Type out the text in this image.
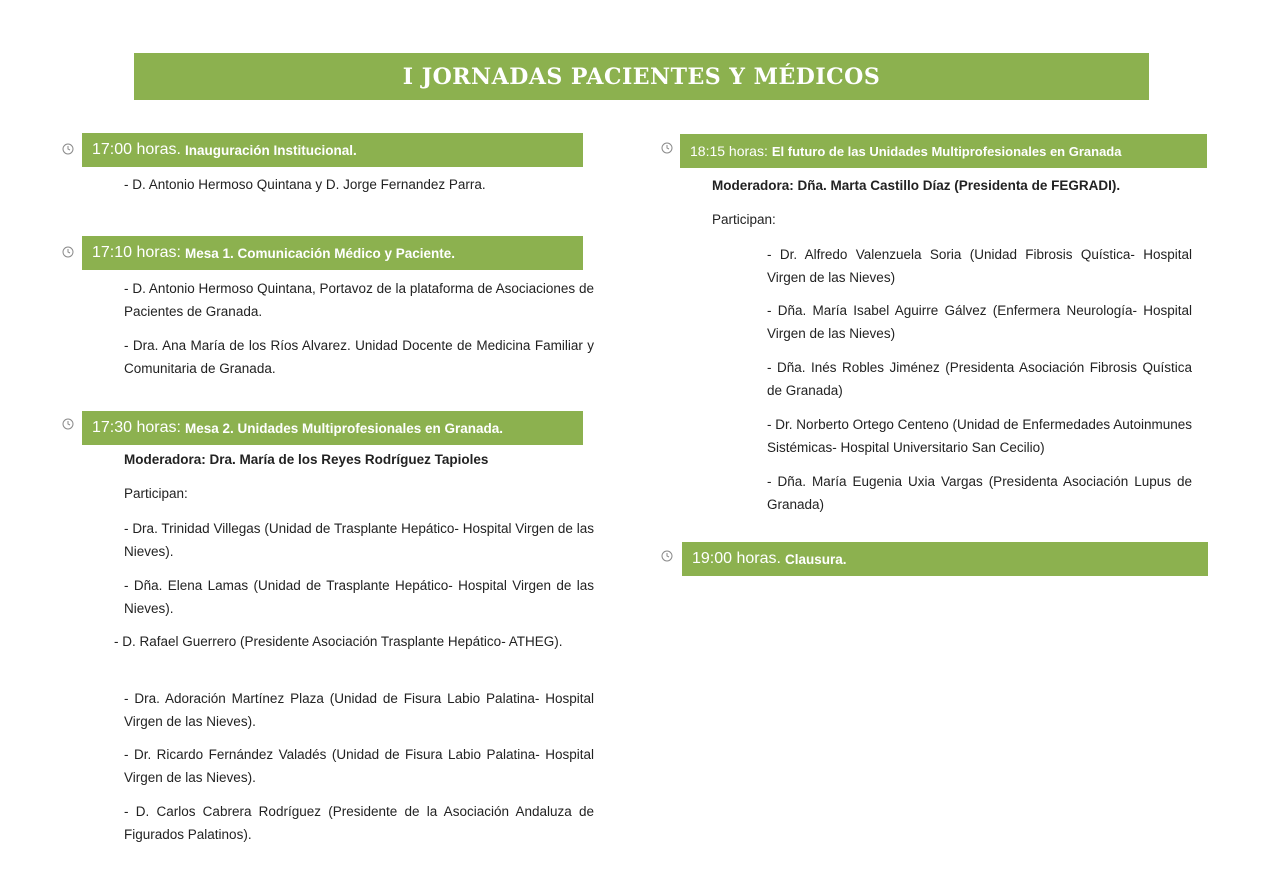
I JORNADAS PACIENTES Y MÉDICOS
17:00 horas. Inauguración Institucional.

- D. Antonio Hermoso Quintana y D. Jorge Fernandez Parra.

17:10 horas: Mesa 1. Comunicación Médico y Paciente.

- D. Antonio Hermoso Quintana, Portavoz de la plataforma de Asociaciones de Pacientes de Granada.

- Dra. Ana María de los Ríos Alvarez. Unidad Docente de Medicina Familiar y Comunitaria de Granada.

17:30 horas: Mesa 2. Unidades Multiprofesionales en Granada.

Moderadora: Dra. María de los Reyes Rodríguez Tapioles

Participan:

- Dra. Trinidad Villegas (Unidad de Trasplante Hepático- Hospital Virgen de las Nieves).

- Dña. Elena Lamas (Unidad de Trasplante Hepático- Hospital Virgen de las Nieves).

- D. Rafael Guerrero (Presidente Asociación Trasplante Hepático- ATHEG).

- Dra. Adoración Martínez Plaza (Unidad de Fisura Labio Palatina- Hospital Virgen de las Nieves).

- Dr. Ricardo Fernández Valadés (Unidad de Fisura Labio Palatina- Hospital Virgen de las Nieves).

- D. Carlos Cabrera Rodríguez (Presidente de la Asociación Andaluza de Figurados Palatinos).

18:15 horas: El futuro de las Unidades Multiprofesionales en Granada

Moderadora: Dña. Marta Castillo Díaz (Presidenta de FEGRADI).

Participan:

- Dr. Alfredo Valenzuela Soria (Unidad Fibrosis Quística- Hospital Virgen de las Nieves)

- Dña. María Isabel Aguirre Gálvez (Enfermera Neurología- Hospital Virgen de las Nieves)

- Dña. Inés Robles Jiménez (Presidenta Asociación Fibrosis Quística de Granada)

- Dr. Norberto Ortego Centeno (Unidad de Enfermedades Autoinmunes Sistémicas- Hospital Universitario San Cecilio)

- Dña. María Eugenia Uxia Vargas (Presidenta Asociación Lupus de Granada)

19:00 horas. Clausura.
